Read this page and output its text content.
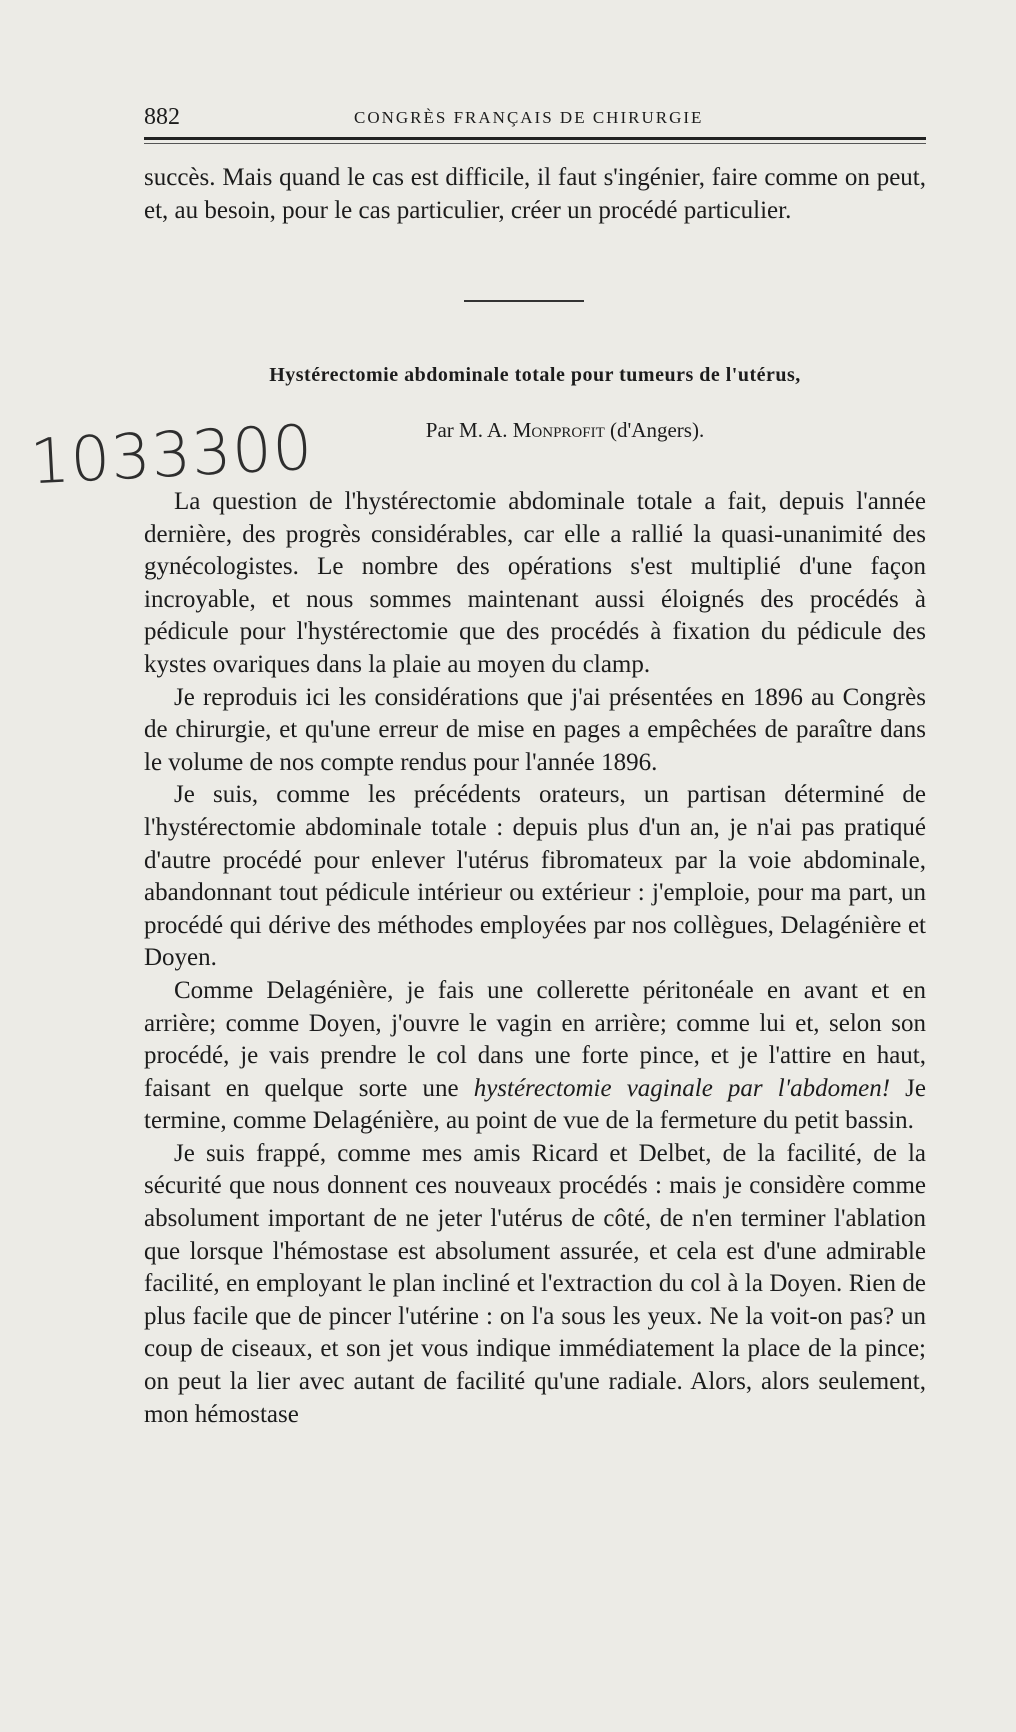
882	CONGRÈS FRANÇAIS DE CHIRURGIE

succès. Mais quand le cas est difficile, il faut s'ingénier, faire comme on peut, et, au besoin, pour le cas particulier, créer un procédé particulier.

Hystérectomie abdominale totale pour tumeurs de l'utérus,
Par M. A. Monprofit (d'Angers).
1033300

La question de l'hystérectomie abdominale totale a fait, depuis l'année dernière, des progrès considérables, car elle a rallié la quasi-unanimité des gynécologistes. Le nombre des opérations s'est multiplié d'une façon incroyable, et nous sommes maintenant aussi éloignés des procédés à pédicule pour l'hystérectomie que des procédés à fixation du pédicule des kystes ovariques dans la plaie au moyen du clamp.

Je reproduis ici les considérations que j'ai présentées en 1896 au Congrès de chirurgie, et qu'une erreur de mise en pages a empêchées de paraître dans le volume de nos compte rendus pour l'année 1896.

Je suis, comme les précédents orateurs, un partisan déterminé de l'hystérectomie abdominale totale : depuis plus d'un an, je n'ai pas pratiqué d'autre procédé pour enlever l'utérus fibromateux par la voie abdominale, abandonnant tout pédicule intérieur ou extérieur : j'emploie, pour ma part, un procédé qui dérive des méthodes employées par nos collègues, Delagénière et Doyen.

Comme Delagénière, je fais une collerette péritonéale en avant et en arrière; comme Doyen, j'ouvre le vagin en arrière; comme lui et, selon son procédé, je vais prendre le col dans une forte pince, et je l'attire en haut, faisant en quelque sorte une hystérectomie vaginale par l'abdomen! Je termine, comme Delagénière, au point de vue de la fermeture du petit bassin.

Je suis frappé, comme mes amis Ricard et Delbet, de la facilité, de la sécurité que nous donnent ces nouveaux procédés : mais je considère comme absolument important de ne jeter l'utérus de côté, de n'en terminer l'ablation que lorsque l'hémostase est absolument assurée, et cela est d'une admirable facilité, en employant le plan incliné et l'extraction du col à la Doyen. Rien de plus facile que de pincer l'utérine : on l'a sous les yeux. Ne la voit-on pas? un coup de ciseaux, et son jet vous indique immédiatement la place de la pince; on peut la lier avec autant de facilité qu'une radiale. Alors, alors seulement, mon hémostase
